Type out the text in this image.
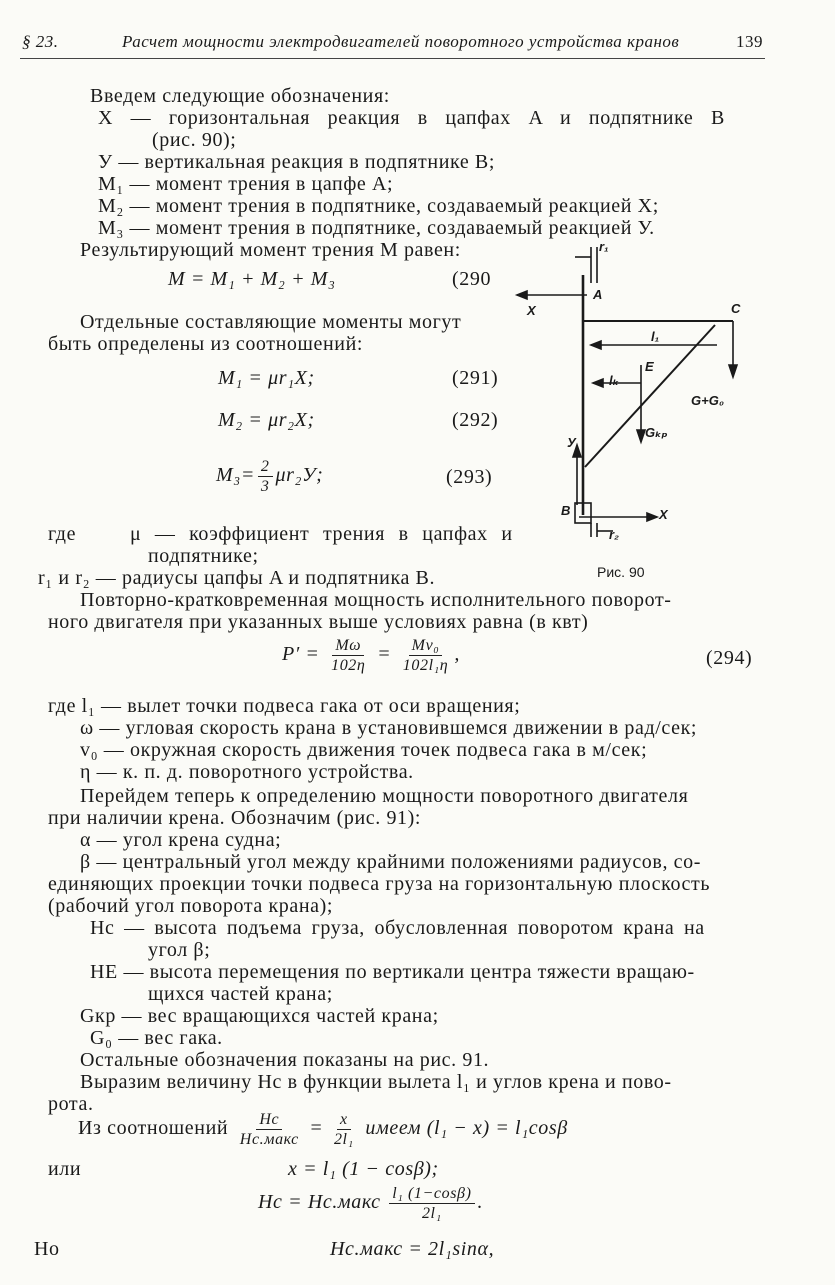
§ 23.	Расчет мощности электродвигателей поворотного устройства кранов	139
Введем следующие обозначения:
X — горизонтальная реакция в цапфах A и подпятнике B
(рис. 90);
У — вертикальная реакция в подпятнике B;
M₁ — момент трения в цапфе A;
M₂ — момент трения в подпятнике, создаваемый реакцией X;
M₃ — момент трения в подпятнике, создаваемый реакцией У.
Результирующий момент трения M равен:
M = M₁ + M₂ + M₃	(290
Отдельные составляющие моменты могут
быть определены из соотношений:
M₁ = μr₁X;	(291)
M₂ = μr₂X;	(292)
$M_3= \frac{2}{3} \mu r_2У$;	(293)
где	μ — коэффициент трения в цапфах и
подпятнике;
r₁ и r₂ — радиусы цапфы A и подпятника B.
r₁
A
X	C
l₁
lₖ
E
G+G₀
Gₖₚ
У
B	X
r₂
Рис. 90
Повторно-кратковременная мощность исполнительного поворот-
ного двигателя при указанных выше условиях равна (в квт)
$P' = \frac{M\omega}{102\eta} = \frac{\text{Mv₀}}{\text{102l₁η}}$ ,	(294)
где l₁ — вылет точки подвеса гака от оси вращения;
ω — угловая скорость крана в установившемся движении в рад/сек;
v₀ — окружная скорость движения точек подвеса гака в м/сек;
η — к. п. д. поворотного устройства.
Перейдем теперь к определению мощности поворотного двигателя
при наличии крена. Обозначим (рис. 91):
α — угол крена судна;
β — центральный угол между крайними положениями радиусов, со-
единяющих проекции точки подвеса груза на горизонтальную плоскость
(рабочий угол поворота крана);
Hс — высота подъема груза, обусловленная поворотом крана на
угол β;
HE — высота перемещения по вертикали центра тяжести вращаю-
щихся частей крана;
Gкр — вес вращающихся частей крана;
G₀ — вес гака.
Остальные обозначения показаны на рис. 91.
Выразим величину Hс в функции вылета l₁ и углов крена и пово-
рота.
Из соотношений Hс
Hс.макс
= $\frac{x}{\text{2l₁}}$ имеем (l₁ − x) = l₁cosβ
или	x = l₁ (1 − cosβ);
Hс = Hс.макс $\frac{\text{l₁ (1−cosβ)}}{\text{2l₁}}$ .
Но	Hс.макс = 2l₁sinα,
